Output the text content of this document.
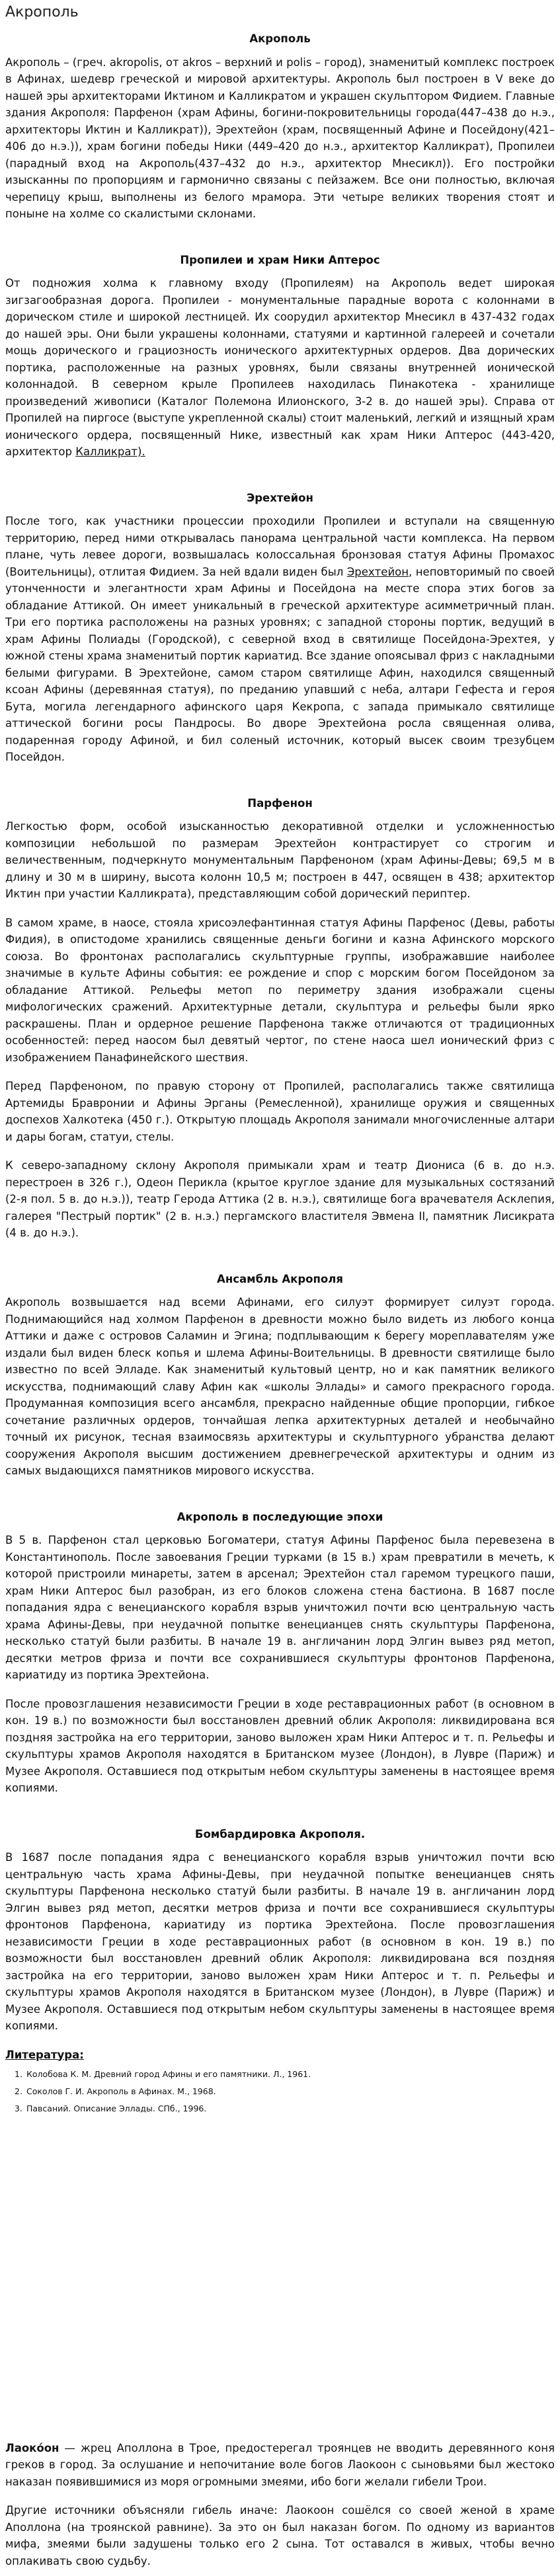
Акрополь
Акрополь

Акрополь – (греч. akropolis, от akros – верхний и polis – город), знаменитый комплекс построек в Афинах, шедевр греческой и мировой архитектуры. Акрополь был построен в V веке до нашей эры архитекторами Иктином и Калликратом и украшен скульптором Фидием. Главные здания Акрополя: Парфенон (храм Афины, богини-покровительницы города(447–438 до н.э., архитекторы Иктин и Калликрат)), Эрехтейон (храм, посвященный Афине и Посейдону(421–406 до н.э.)), храм богини победы Ники (449–420 до н.э., архитектор Калликрат), Пропилеи (парадный вход на Акрополь(437–432 до н.э., архитектор Мнесикл)). Его постройки изысканны по пропорциям и гармонично связаны с пейзажем. Все они полностью, включая черепицу крыш, выполнены из белого мрамора. Эти четыре великих творения стоят и поныне на холме со скалистыми склонами.

Пропилеи и храм Ники Аптерос

От подножия холма к главному входу (Пропилеям) на Акрополь ведет широкая зигзагообразная дорога. Пропилеи - монументальные парадные ворота с колоннами в дорическом стиле и широкой лестницей. Их соорудил архитектор Мнесикл в 437-432 годах до нашей эры. Они были украшены колоннами, статуями и картинной галереей и сочетали мощь дорического и грациозность ионического архитектурных ордеров. Два дорических портика, расположенные на разных уровнях, были связаны внутренней ионической колоннадой. В северном крыле Пропилеев находилась Пинакотека - хранилище произведений живописи (Каталог Полемона Илионского, 3-2 в. до нашей эры). Справа от Пропилей на пиргосе (выступе укрепленной скалы) стоит маленький, легкий и изящный храм ионического ордера, посвященный Нике, известный как храм Ники Аптерос (443-420, архитектор Калликрат).

Эрехтейон

После того, как участники процессии проходили Пропилеи и вступали на священную территорию, перед ними открывалась панорама центральной части комплекса. На первом плане, чуть левее дороги, возвышалась колоссальная бронзовая статуя Афины Промахос (Воительницы), отлитая Фидием. За ней вдали виден был Эрехтейон, неповторимый по своей утонченности и элегантности храм Афины и Посейдона на месте спора этих богов за обладание Аттикой. Он имеет уникальный в греческой архитектуре асимметричный план. Три его портика расположены на разных уровнях; с западной стороны портик, ведущий в храм Афины Полиады (Городской), с северной вход в святилище Посейдона-Эрехтея, у южной стены храма знаменитый портик кариатид. Все здание опоясывал фриз с накладными белыми фигурами. В Эрехтейоне, самом старом святилище Афин, находился священный ксоан Афины (деревянная статуя), по преданию упавший с неба, алтари Гефеста и героя Бута, могила легендарного афинского царя Кекропа, с запада примыкало святилище аттической богини росы Пандросы. Во дворе Эрехтейона росла священная олива, подаренная городу Афиной, и бил соленый источник, который высек своим трезубцем Посейдон.

Парфенон

Легкостью форм, особой изысканностью декоративной отделки и усложненностью композиции небольшой по размерам Эрехтейон контрастирует со строгим и величественным, подчеркнуто монументальным Парфеноном (храм Афины-Девы; 69,5 м в длину и 30 м в ширину, высота колонн 10,5 м; построен в 447, освящен в 438; архитектор Иктин при участии Калликрата), представляющим собой дорический периптер.

В самом храме, в наосе, стояла хрисоэлефантинная статуя Афины Парфенос (Девы, работы Фидия), в опистодоме хранились священные деньги богини и казна Афинского морского союза. Во фронтонах располагались скульптурные группы, изображавшие наиболее значимые в культе Афины события: ее рождение и спор с морским богом Посейдоном за обладание Аттикой. Рельефы метоп по периметру здания изображали сцены мифологических сражений. Архитектурные детали, скульптура и рельефы были ярко раскрашены. План и ордерное решение Парфенона также отличаются от традиционных особенностей: перед наосом был девятый чертог, по стене наоса шел ионический фриз с изображением Панафинейского шествия.

Перед Парфеноном, по правую сторону от Пропилей, располагались также святилища Артемиды Бравронии и Афины Эрганы (Ремесленной), хранилище оружия и священных доспехов Халкотека (450 г.). Открытую площадь Акрополя занимали многочисленные алтари и дары богам, статуи, стелы.

К северо-западному склону Акрополя примыкали храм и театр Диониса (6 в. до н.э. перестроен в 326 г.), Одеон Перикла (крытое круглое здание для музыкальных состязаний (2-я пол. 5 в. до н.э.)), театр Герода Аттика (2 в. н.э.), святилище бога врачевателя Асклепия, галерея "Пестрый портик" (2 в. н.э.) пергамского властителя Эвмена II, памятник Лисикрата (4 в. до н.э.).

Ансамбль Акрополя

Акрополь возвышается над всеми Афинами, его силуэт формирует силуэт города. Поднимающийся над холмом Парфенон в древности можно было видеть из любого конца Аттики и даже с островов Саламин и Эгина; подплывающим к берегу мореплавателям уже издали был виден блеск копья и шлема Афины-Воительницы. В древности святилище было известно по всей Элладе. Как знаменитый культовый центр, но и как памятник великого искусства, поднимающий славу Афин как «школы Эллады» и самого прекрасного города. Продуманная композиция всего ансамбля, прекрасно найденные общие пропорции, гибкое сочетание различных ордеров, тончайшая лепка архитектурных деталей и необычайно точный их рисунок, тесная взаимосвязь архитектуры и скульптурного убранства делают сооружения Акрополя высшим достижением древнегреческой архитектуры и одним из самых выдающихся памятников мирового искусства.

Акрополь в последующие эпохи

В 5 в. Парфенон стал церковью Богоматери, статуя Афины Парфенос была перевезена в Константинополь. После завоевания Греции турками (в 15 в.) храм превратили в мечеть, к которой пристроили минареты, затем в арсенал; Эрехтейон стал гаремом турецкого паши, храм Ники Аптерос был разобран, из его блоков сложена стена бастиона. В 1687 после попадания ядра с венецианского корабля взрыв уничтожил почти всю центральную часть храма Афины-Девы, при неудачной попытке венецианцев снять скульптуры Парфенона, несколько статуй были разбиты. В начале 19 в. англичанин лорд Элгин вывез ряд метоп, десятки метров фриза и почти все сохранившиеся скульптуры фронтонов Парфенона, кариатиду из портика Эрехтейона.

После провозглашения независимости Греции в ходе реставрационных работ (в основном в кон. 19 в.) по возможности был восстановлен древний облик Акрополя: ликвидирована вся поздняя застройка на его территории, заново выложен храм Ники Аптерос и т. п. Рельефы и скульптуры храмов Акрополя находятся в Британском музее (Лондон), в Лувре (Париж) и Музее Акрополя. Оставшиеся под открытым небом скульптуры заменены в настоящее время копиями.

Бомбардировка Акрополя.

В 1687 после попадания ядра с венецианского корабля взрыв уничтожил почти всю центральную часть храма Афины-Девы, при неудачной попытке венецианцев снять скульптуры Парфенона несколько статуй были разбиты. В начале 19 в. англичанин лорд Элгин вывез ряд метоп, десятки метров фриза и почти все сохранившиеся скульптуры фронтонов Парфенона, кариатиду из портика Эрехтейона. После провозглашения независимости Греции в ходе реставрационных работ (в основном в кон. 19 в.) по возможности был восстановлен древний облик Акрополя: ликвидирована вся поздняя застройка на его территории, заново выложен храм Ники Аптерос и т. п. Рельефы и скульптуры храмов Акрополя находятся в Британском музее (Лондон), в Лувре (Париж) и Музее Акрополя. Оставшиеся под открытым небом скульптуры заменены в настоящее время копиями.

Литература:
1. Колобова К. М. Древний город Афины и его памятники. Л., 1961.
2. Соколов Г. И. Акрополь в Афинах. М., 1968.
3. Павсаний. Описание Эллады. СПб., 1996.

Лаоко́он — жрец Аполлона в Трое, предостерегал троянцев не вводить деревянного коня греков в город. За ослушание и непочитание воле богов Лаокоон с сыновьями был жестоко наказан появившимися из моря огромными змеями, ибо боги желали гибели Трои.

Другие источники объясняли гибель иначе: Лаокоон сошёлся со своей женой в храме Аполлона (на троянской равнине). За это он был наказан богом. По одному из вариантов мифа, змеями были задушены только его 2 сына. Тот оставался в живых, чтобы вечно оплакивать свою судьбу.
